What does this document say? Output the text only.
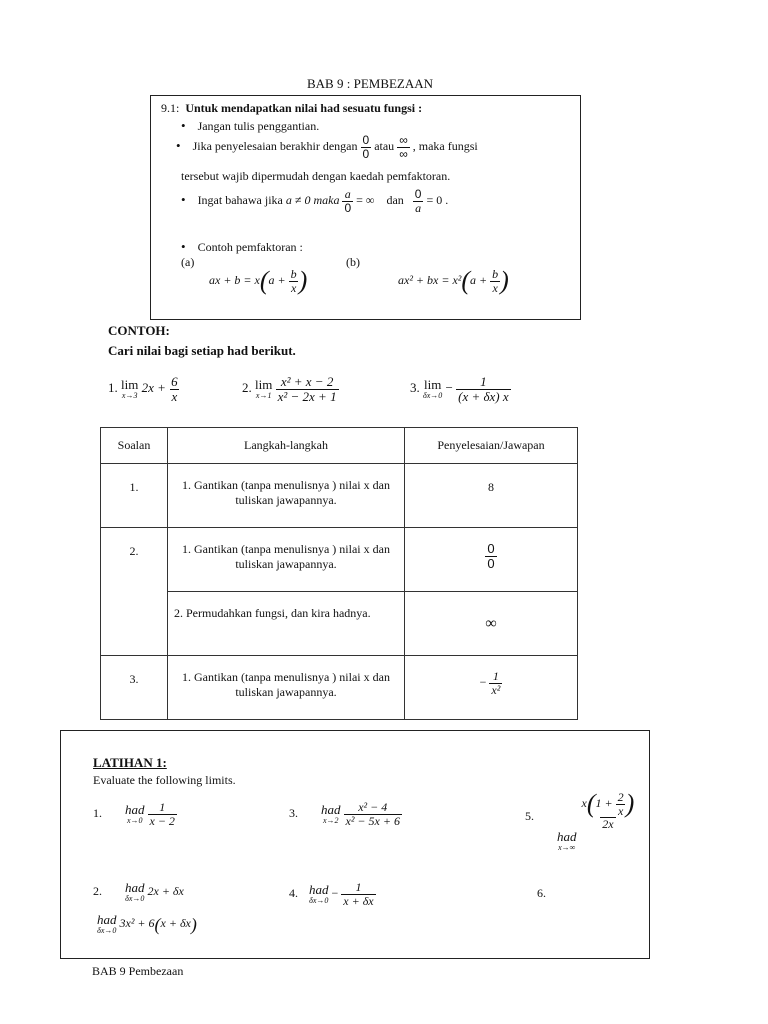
BAB 9 : PEMBEZAAN
9.1: Untuk mendapatkan nilai had sesuatu fungsi :
• Jangan tulis penggantian.
• Jika penyelesaian berakhir dengan $\frac{0}{0}$ atau $\frac{\infty}{\infty}$ , maka fungsi
tersebut wajib dipermudah dengan kaedah pemfaktoran.
• Ingat bahawa jika a ≠ 0 maka $\frac{a}{0}$ = ∞    dan $\frac{0}{a} = 0$ .
• Contoh pemfaktoran :
(a)	(b)
ax + $b = x(a + \frac{b}{x}$ )	ax² + bx = $x^2(a + \frac{b}{x}$ )
CONTOH:
Cari nilai bagi setiap had berikut.
1. lim
x→3
$2x + \frac{6}{x}$	2. lim
x→1
$\frac{\text{x² + x − 2}}{\text{x² − 2x + 1}}$	3. lim
δx→0
− $\frac{1}{(x + \delta x) x}$
Soalan	Langkah-langkah	Penyelesaian/Jawapan
1.	1. Gantikan (tanpa menulisnya ) nilai x dan tuliskan jawapannya.	8
2.	1. Gantikan (tanpa menulisnya ) nilai x dan tuliskan jawapannya.	$\frac{0}{0}$

	2. Permudahkan fungsi, dan kira hadnya.	∞
3.	1. Gantikan (tanpa menulisnya ) nilai x dan tuliskan jawapannya.	− $\frac{1}{\text{x²}}$
LATIHAN 1:
Evaluate the following limits.
1. had
x→0
$\frac{1}{x - 2}$	3. had
x→2
$\frac{\text{x² − 4}}{\text{x² − 5x + 6}}$	5.
had
x→∞

$\frac{x(1 + \frac{2}{x} )}{2x}$
2. had
δx→0
2x + δx	4. had
δx→0
− $\frac{1}{x + \delta x}$	6.
had
δx→0
3x² + 6(x + δx)
BAB 9 Pembezaan
